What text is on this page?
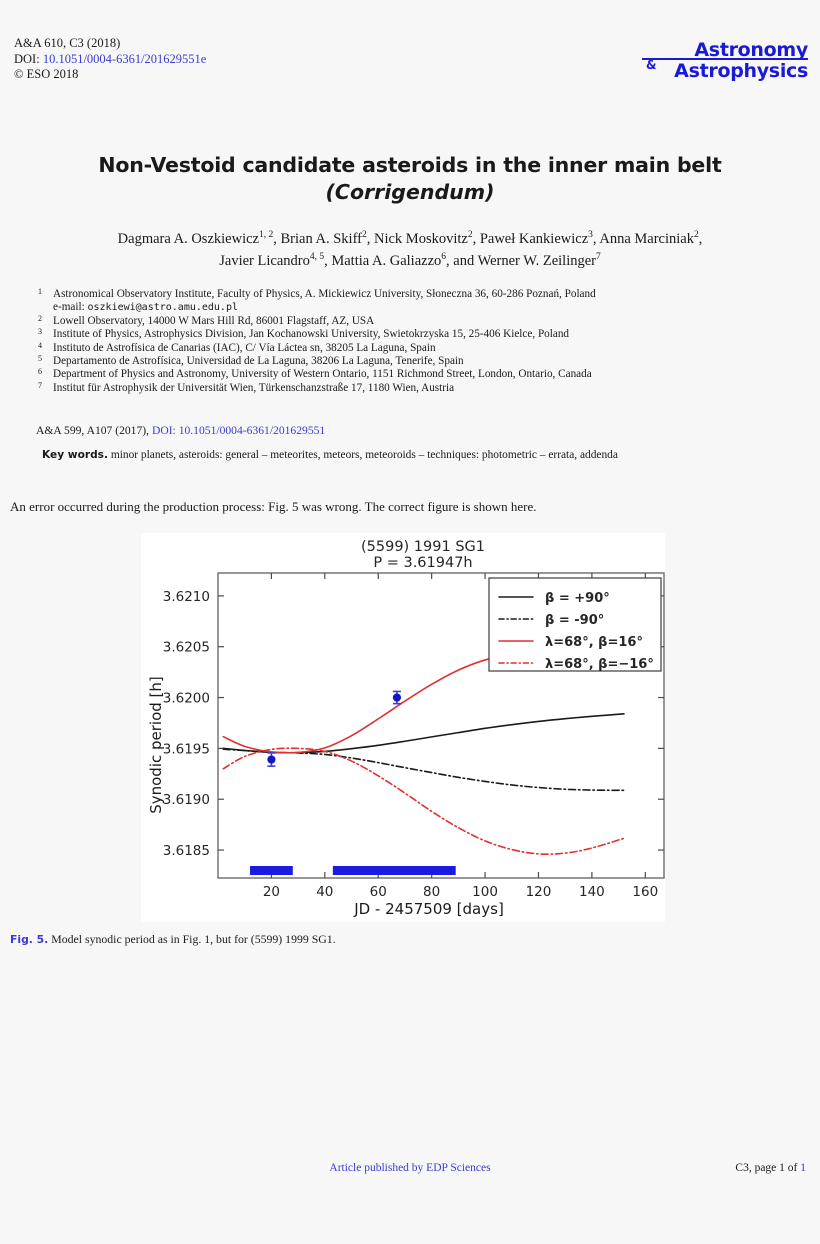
A&A 610, C3 (2018)
DOI: 10.1051/0004-6361/201629551e
© ESO 2018
Astronomy
Astrophysics
&
Non-Vestoid candidate asteroids in the inner main belt
(Corrigendum)
Dagmara A. Oszkiewicz$^{1, 2}$, Brian A. Skiff$^2$, Nick Moskovitz$^2$, Paweł Kankiewicz$^3$, Anna Marciniak$^2$,
Javier Licandro$^{4, 5}$, Mattia A. Galiazzo$^6$, and Werner W. Zeilinger$^7$
1 Astronomical Observatory Institute, Faculty of Physics, A. Mickiewicz University, Słoneczna 36, 60-286 Poznań, Poland
e-mail: oszkiewi@astro.amu.edu.pl
2 Lowell Observatory, 14000 W Mars Hill Rd, 86001 Flagstaff, AZ, USA
3 Institute of Physics, Astrophysics Division, Jan Kochanowski University, Swietokrzyska 15, 25-406 Kielce, Poland
4 Instituto de Astrofísica de Canarias (IAC), C/ Vía Láctea sn, 38205 La Laguna, Spain
5 Departamento de Astrofísica, Universidad de La Laguna, 38206 La Laguna, Tenerife, Spain
6 Department of Physics and Astronomy, University of Western Ontario, 1151 Richmond Street, London, Ontario, Canada
7 Institut für Astrophysik der Universität Wien, Türkenschanzstraße 17, 1180 Wien, Austria
A&A 599, A107 (2017), DOI: 10.1051/0004-6361/201629551
Key words. minor planets, asteroids: general – meteorites, meteors, meteoroids – techniques: photometric – errata, addenda
An error occurred during the production process: Fig. 5 was wrong. The correct figure is shown here.
(5599) 1991 SG1
P = 3.61947h
Synodic period [h]
JD - 2457509 [days]
3.6185
3.6190
3.6195
3.6200
3.6205
3.6210
20	40	60	80 100 120 140 160
β = +90°
β = -90°
λ=68°, β=16°
λ=68°, β=−16°
Fig. 5. Model synodic period as in Fig. 1, but for (5599) 1999 SG1.
Article published by EDP Sciences	C3, page 1 of 1
